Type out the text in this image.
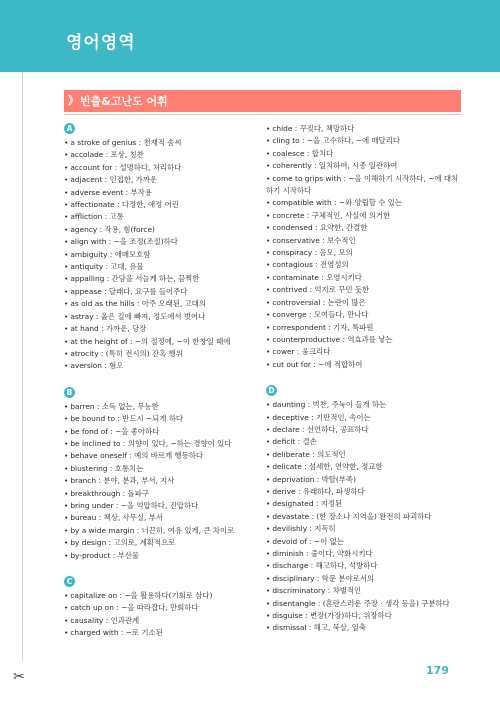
영어영역
✂
》 빈출&고난도 어휘
A
• a stroke of genius : 천재적 솜씨
• accolade : 포상, 칭찬
• account for : 설명하다, 처리하다
• adjacent : 인접한, 가까운
• adverse event : 부작용
• affectionate : 다정한, 애정 어린
• affliction : 고통
• agency : 작용, 힘(force)
• align with : ~을 조정(조절)하다
• ambiguity : 애매모호함
• antiquity : 고대, 유물
• appalling : 간담을 서늘케 하는, 끔찍한
• appease : 달래다, 요구를 들어주다
• as old as the hills : 아주 오래된, 고대의
• astray : 옳은 길에 빠져, 정도에서 벗어나
• at hand : 가까운, 당장
• at the height of : ~의 절정에, ~이 한창일 때에
• atrocity : (특히 전시의) 잔혹 행위
• aversion : 혐오
B
• barren : 소득 없는, 무능한
• be bound to : 반드시 ~되게 하다
• be fond of : ~을 좋아하다
• be inclined to : 의향이 있다, ~하는 경향이 있다
• behave oneself : 예의 바르게 행동하다
• blustering : 호통치는
• branch : 분야, 분과, 부서, 지사
• breakthrough : 돌파구
• bring under : ~을 억압하다, 진압하다
• bureau : 책상, 사무실, 부서
• by a wide margin : 너끈히, 여유 있게, 큰 차이로
• by design : 고의로, 계획적으로
• by-product : 부산물
C
• capitalize on : ~을 활용하다(기회로 삼다)
• catch up on : ~을 따라잡다, 만회하다
• causality : 인과관계
• charged with : ~로 기소된
• chide : 꾸짖다, 책망하다
• cling to : ~을 고수하다, ~에 매달리다
• coalesce : 합치다
• coherently : 일치하여, 시종 일관하여
• come to grips with : ~을 이해하기 시작하다, ~에 대처하기 시작하다
• compatible with : ~와 양립할 수 있는
• concrete : 구체적인, 사실에 의거한
• condensed : 요약한, 간결한
• conservative : 보수적인
• conspiracy : 음모, 모의
• contagious : 전염성의
• contaminate : 오염시키다
• contrived : 억지로 꾸민 듯한
• controversial : 논란이 많은
• converge : 모여들다, 만나다
• correspondent : 기자, 특파원
• counterproductive : 역효과를 낳는
• cower : 움크리다
• cut out for : ~에 적합하여
D
• daunting : 벅찬, 주눅이 들게 하는
• deceptive : 기만적인, 속이는
• declare : 선언하다, 공표하다
• deficit : 결손
• deliberate : 의도적인
• delicate : 섬세한, 연약한, 정교한
• deprivation : 박탈(부족)
• derive : 유래하다, 파생하다
• designated : 지정된
• devastate : (한 장소나 지역을) 완전히 파괴하다
• devilishly : 지독히
• devoid of : ~이 없는
• diminish : 줄이다, 약화시키다
• discharge : 해고하다, 석방하다
• disciplinary : 학문 분야로서의
• discriminatory : 차별적인
• disentangle : (혼란스러운 주장 · 생각 등을) 구분하다
• disguise : 변장(가장)하다, 위장하다
• dismissal : 해고, 묵살, 일축
179
